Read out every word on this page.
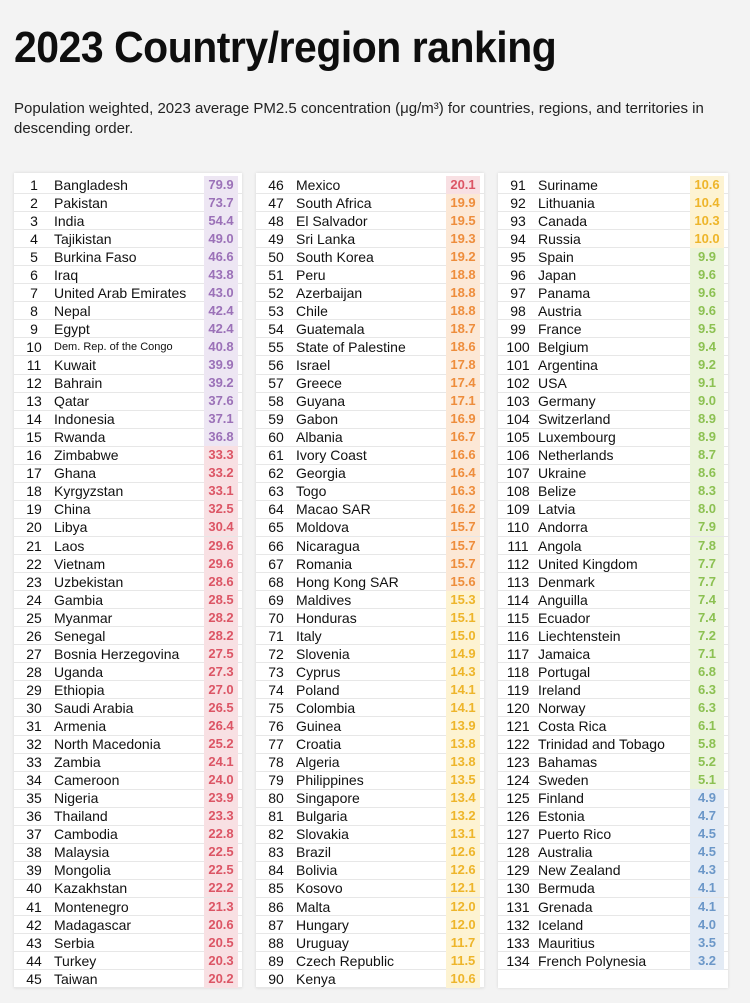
2023 Country/region ranking

Population weighted, 2023 average PM2.5 concentration (μg/m³) for countries, regions, and territories in descending order.

1	Bangladesh	79.9
2	Pakistan	73.7
3	India	54.4
4	Tajikistan	49.0
5	Burkina Faso	46.6
6	Iraq	43.8
7	United Arab Emirates	43.0
8	Nepal	42.4
9	Egypt	42.4
10	Dem. Rep. of the Congo	40.8
11 Kuwait	39.9
12 Bahrain	39.2
13 Qatar	37.6
14 Indonesia	37.1
15 Rwanda	36.8
16 Zimbabwe	33.3
17 Ghana	33.2
18 Kyrgyzstan	33.1
19 China	32.5
20 Libya	30.4
21 Laos	29.6
22 Vietnam	29.6
23 Uzbekistan	28.6
24 Gambia	28.5
25 Myanmar	28.2
26 Senegal	28.2
27 Bosnia Herzegovina	27.5
28 Uganda	27.3
29 Ethiopia	27.0
30 Saudi Arabia	26.5
31 Armenia	26.4
32 North Macedonia	25.2
33 Zambia	24.1
34 Cameroon	24.0
35 Nigeria	23.9
36 Thailand	23.3
37 Cambodia	22.8
38 Malaysia	22.5
39 Mongolia	22.5
40 Kazakhstan	22.2
41 Montenegro	21.3
42 Madagascar	20.6
43 Serbia	20.5
44 Turkey	20.3
45 Taiwan	20.2
46 Mexico	20.1
47 South Africa	19.9
48 El Salvador	19.5
49 Sri Lanka	19.3
50 South Korea	19.2
51 Peru	18.8
52 Azerbaijan	18.8
53 Chile	18.8
54 Guatemala	18.7
55 State of Palestine	18.6
56 Israel	17.8
57 Greece	17.4
58 Guyana	17.1
59 Gabon	16.9
60 Albania	16.7
61 Ivory Coast	16.6
62 Georgia	16.4
63 Togo	16.3
64 Macao SAR	16.2
65 Moldova	15.7
66 Nicaragua	15.7
67 Romania	15.7
68 Hong Kong SAR	15.6
69 Maldives	15.3
70 Honduras	15.1
71 Italy	15.0
72 Slovenia	14.9
73 Cyprus	14.3
74 Poland	14.1
75 Colombia	14.1
76 Guinea	13.9
77 Croatia	13.8
78 Algeria	13.8
79 Philippines	13.5
80 Singapore	13.4
81 Bulgaria	13.2
82 Slovakia	13.1
83 Brazil	12.6
84 Bolivia	12.6
85 Kosovo	12.1
86 Malta	12.0
87 Hungary	12.0
88 Uruguay	11.7
89 Czech Republic	11.5
90 Kenya	10.6
91 Suriname	10.6
92 Lithuania	10.4
93 Canada	10.3
94 Russia	10.0
95 Spain	9.9
96 Japan	9.6
97 Panama	9.6
98 Austria	9.6
99 France	9.5
100 Belgium	9.4
101 Argentina	9.2
102 USA	9.1
103 Germany	9.0
104 Switzerland	8.9
105 Luxembourg	8.9
106 Netherlands	8.7
107 Ukraine	8.6
108 Belize	8.3
109 Latvia	8.0
110 Andorra	7.9
111 Angola	7.8
112 United Kingdom	7.7
113 Denmark	7.7
114 Anguilla	7.4
115 Ecuador	7.4
116 Liechtenstein	7.2
117 Jamaica	7.1
118 Portugal	6.8
119 Ireland	6.3
120 Norway	6.3
121 Costa Rica	6.1
122 Trinidad and Tobago	5.8
123 Bahamas	5.2
124 Sweden	5.1
125 Finland	4.9
126 Estonia	4.7
127 Puerto Rico	4.5
128 Australia	4.5
129 New Zealand	4.3
130 Bermuda	4.1
131 Grenada	4.1
132 Iceland	4.0
133 Mauritius	3.5
134 French Polynesia	3.2
